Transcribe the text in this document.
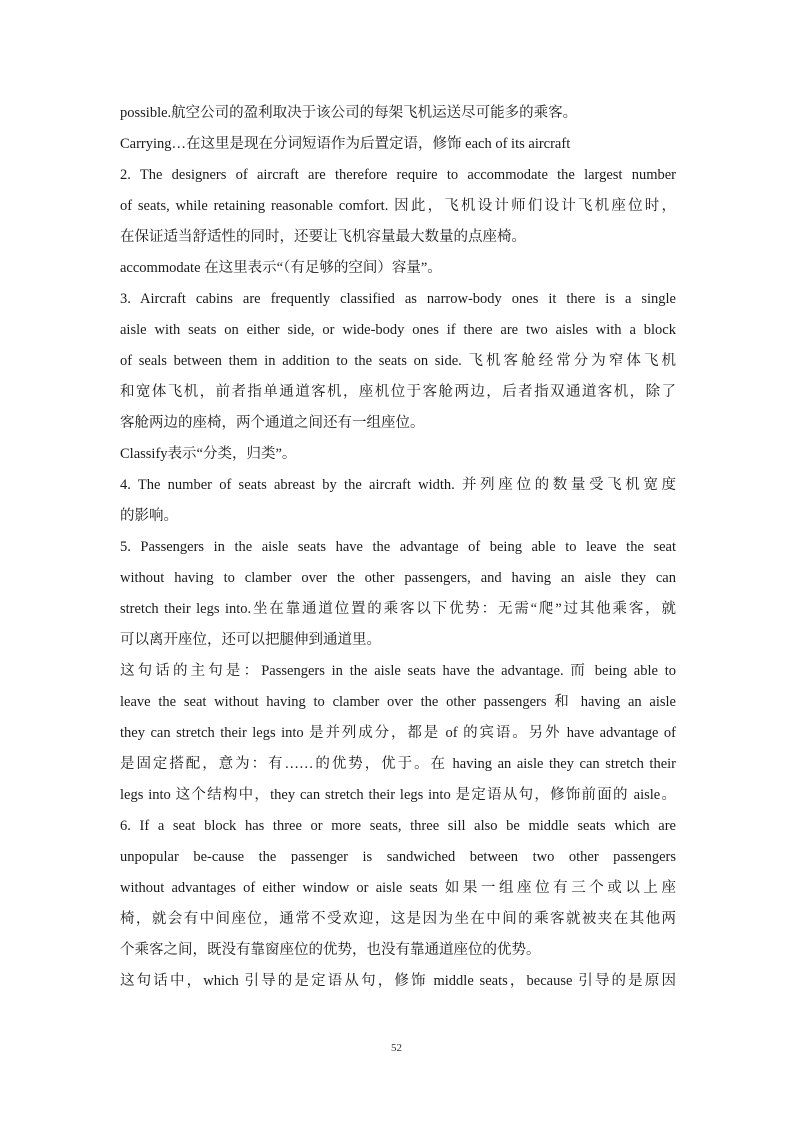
possible.航空公司的盈利取决于该公司的每架飞机运送尽可能多的乘客。
Carrying…在这里是现在分词短语作为后置定语，修饰 each of its aircraft
2. The designers of aircraft are therefore require to accommodate the largest number
of seats, while retaining reasonable comfort. 因此，飞机设计师们设计飞机座位时，
在保证适当舒适性的同时，还要让飞机容量最大数量的点座椅。
accommodate 在这里表示“（有足够的空间）容量”。
3. Aircraft cabins are frequently classified as narrow-body ones it there is a single
aisle with seats on either side, or wide-body ones if there are two aisles with a block
of seals between them in addition to the seats on side. 飞机客舱经常分为窄体飞机
和宽体飞机，前者指单通道客机，座机位于客舱两边，后者指双通道客机，除了
客舱两边的座椅，两个通道之间还有一组座位。
Classify表示“分类，归类”。
4. The number of seats abreast by the aircraft width. 并列座位的数量受飞机宽度
的影响。
5. Passengers in the aisle seats have the advantage of being able to leave the seat
without having to clamber over the other passengers, and having an aisle they can
stretch their legs into.坐在靠通道位置的乘客以下优势：无需“爬”过其他乘客，就
可以离开座位，还可以把腿伸到通道里。
这句话的主句是：Passengers in the aisle seats have the advantage. 而 being able to
leave the seat without having to clamber over the other passengers 和 having an aisle
they can stretch their legs into 是并列成分，都是 of 的宾语。另外 have advantage of
是固定搭配，意为：有……的优势，优于。在 having an aisle they can stretch their
legs into 这个结构中，they can stretch their legs into 是定语从句，修饰前面的 aisle。
6. If a seat block has three or more seats, three sill also be middle seats which are
unpopular be-cause the passenger is sandwiched between two other passengers
without advantages of either window or aisle seats 如果一组座位有三个或以上座
椅，就会有中间座位，通常不受欢迎，这是因为坐在中间的乘客就被夹在其他两
个乘客之间，既没有靠窗座位的优势，也没有靠通道座位的优势。
这句话中，which 引导的是定语从句，修饰 middle seats，because 引导的是原因
52
